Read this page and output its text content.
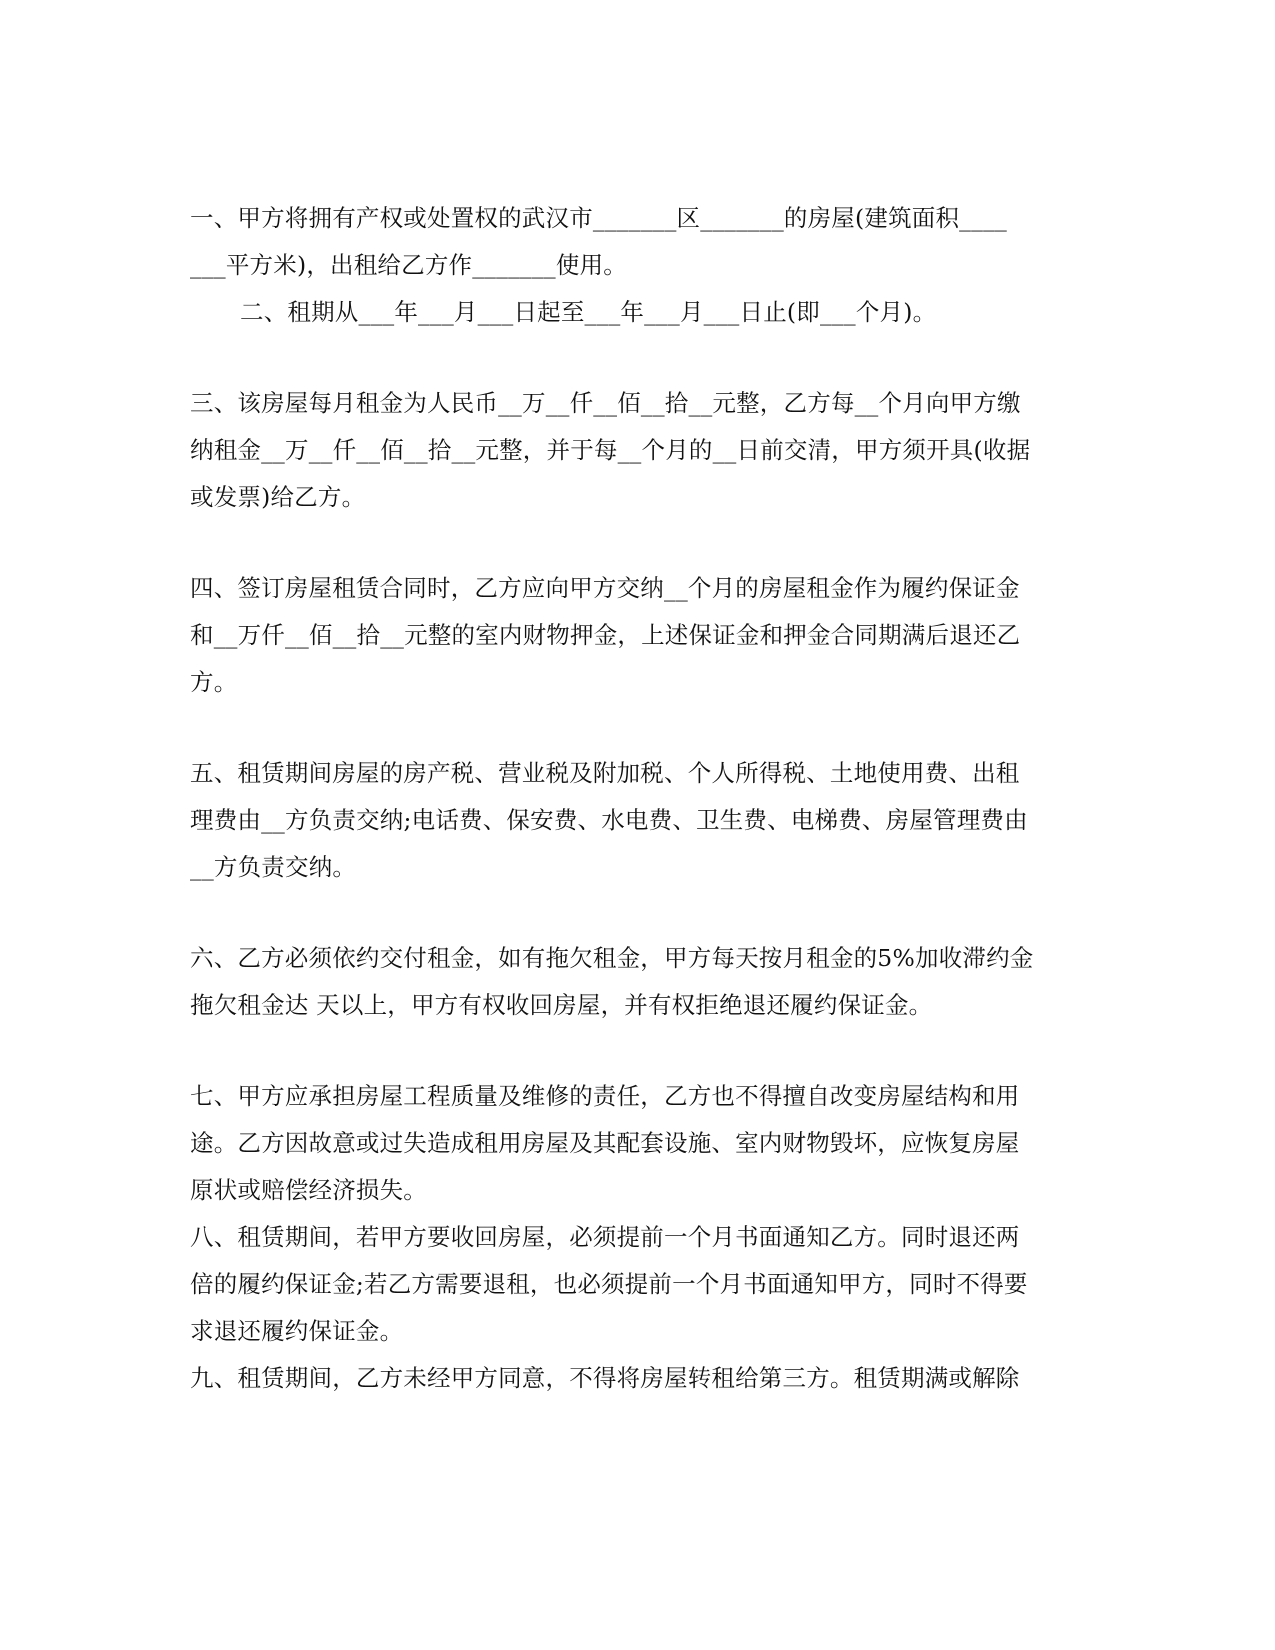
一、甲方将拥有产权或处置权的武汉市_______区_______的房屋(建筑面积____
___平方米)，出租给乙方作_______使用。
二、租期从___年___月___日起至___年___月___日止(即___个月)。
三、该房屋每月租金为人民币__万__仟__佰__拾__元整，乙方每__个月向甲方缴
纳租金__万__仟__佰__拾__元整，并于每__个月的__日前交清，甲方须开具(收据
或发票)给乙方。
四、签订房屋租赁合同时，乙方应向甲方交纳__个月的房屋租金作为履约保证金
和__万仟__佰__拾__元整的室内财物押金，上述保证金和押金合同期满后退还乙
方。
五、租赁期间房屋的房产税、营业税及附加税、个人所得税、土地使用费、出租
理费由__方负责交纳;电话费、保安费、水电费、卫生费、电梯费、房屋管理费由
__方负责交纳。
六、乙方必须依约交付租金，如有拖欠租金，甲方每天按月租金的5%加收滞约金
拖欠租金达 天以上，甲方有权收回房屋，并有权拒绝退还履约保证金。
七、甲方应承担房屋工程质量及维修的责任，乙方也不得擅自改变房屋结构和用
途。乙方因故意或过失造成租用房屋及其配套设施、室内财物毁坏，应恢复房屋
原状或赔偿经济损失。
八、租赁期间，若甲方要收回房屋，必须提前一个月书面通知乙方。同时退还两
倍的履约保证金;若乙方需要退租，也必须提前一个月书面通知甲方，同时不得要
求退还履约保证金。
九、租赁期间，乙方未经甲方同意，不得将房屋转租给第三方。租赁期满或解除
